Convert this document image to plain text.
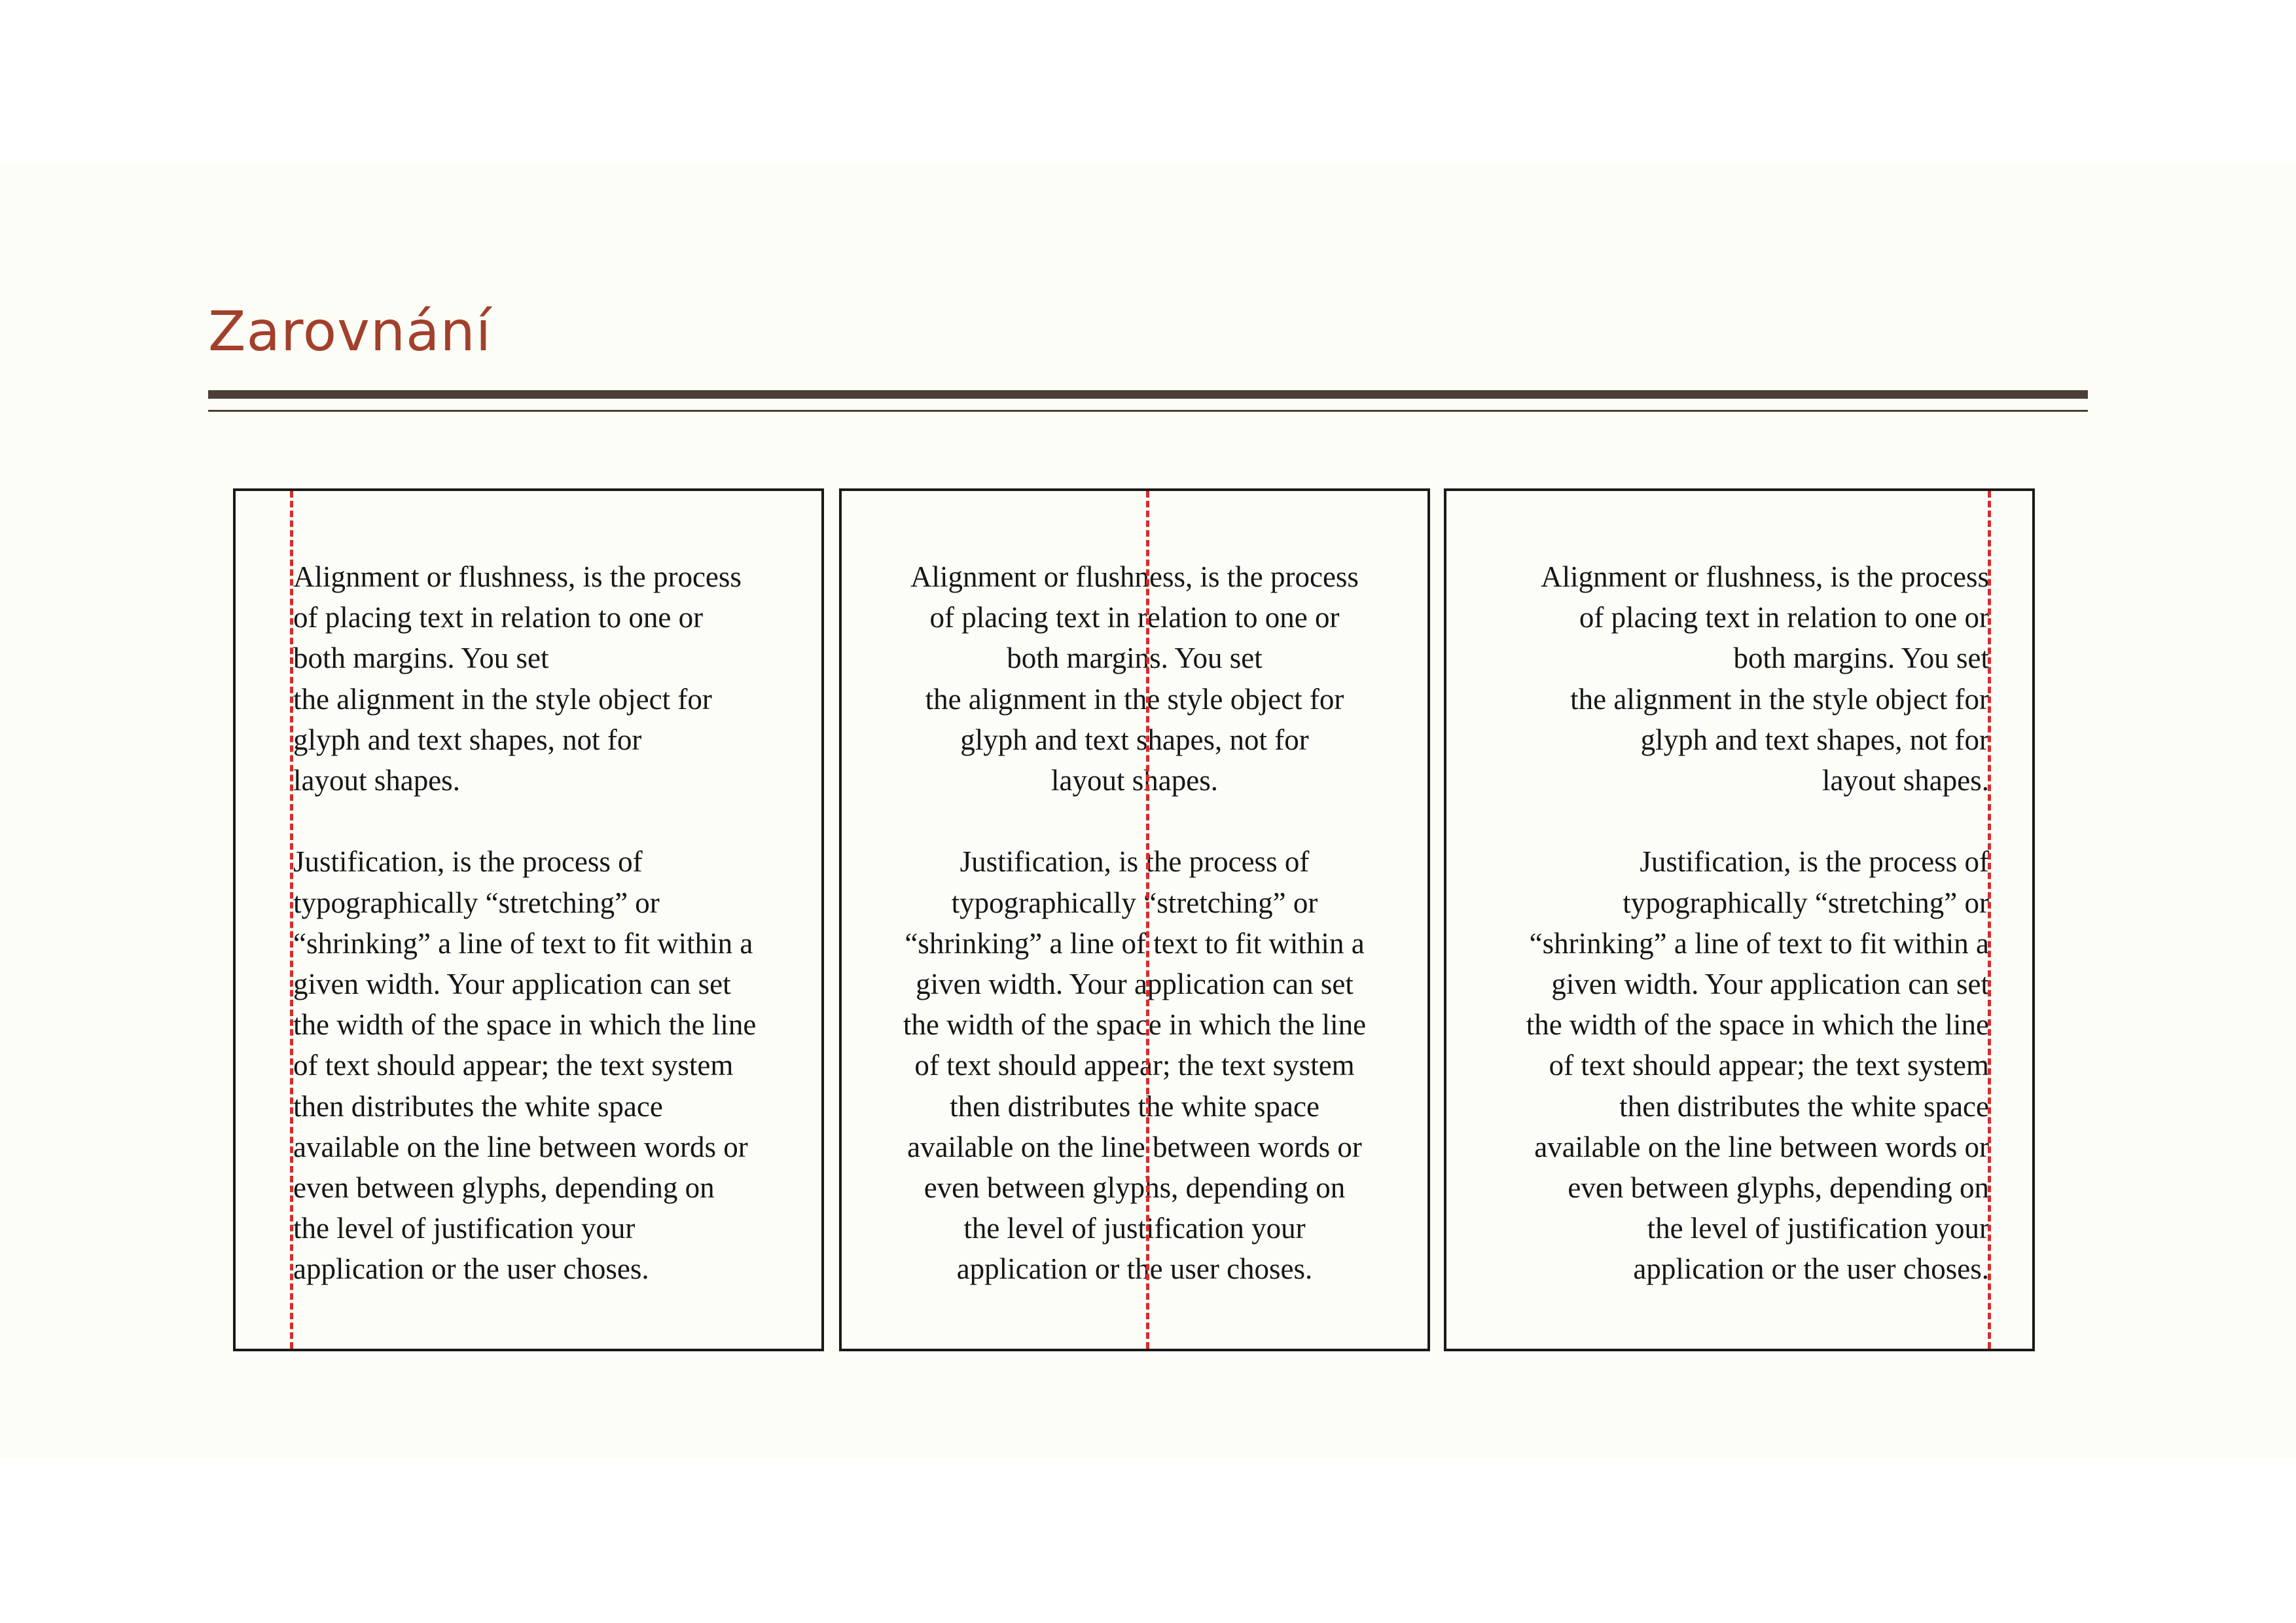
Zarovnání
Alignment or flushness, is the process
of placing text in relation to one or
both margins. You set
the alignment in the style object for
glyph and text shapes, not for
layout shapes.
Justification, is the process of
typographically “stretching” or
“shrinking” a line of text to fit within a
given width. Your application can set
the width of the space in which the line
of text should appear; the text system
then distributes the white space
available on the line between words or
even between glyphs, depending on
the level of justification your
application or the user choses.
Alignment or flushness, is the process
of placing text in relation to one or
both margins. You set
the alignment in the style object for
glyph and text shapes, not for
layout shapes.
Justification, is the process of
typographically “stretching” or
“shrinking” a line of text to fit within a
given width. Your application can set
the width of the space in which the line
of text should appear; the text system
then distributes the white space
available on the line between words or
even between glyphs, depending on
the level of justification your
application or the user choses.
Alignment or flushness, is the process
of placing text in relation to one or
both margins. You set
the alignment in the style object for
glyph and text shapes, not for
layout shapes.
Justification, is the process of
typographically “stretching” or
“shrinking” a line of text to fit within a
given width. Your application can set
the width of the space in which the line
of text should appear; the text system
then distributes the white space
available on the line between words or
even between glyphs, depending on
the level of justification your
application or the user choses.
